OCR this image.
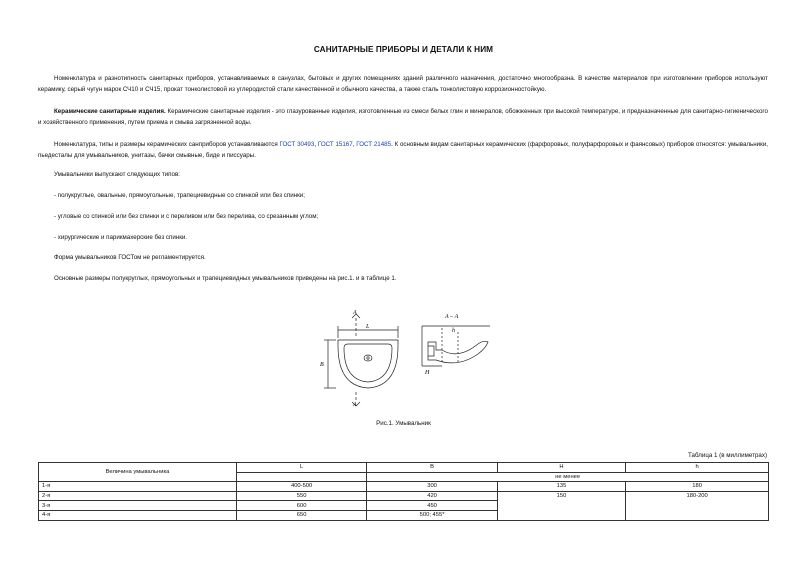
САНИТАРНЫЕ ПРИБОРЫ И ДЕТАЛИ К НИМ
Номенклатура и разнотипность санитарных приборов, устанавливаемых в санузлах, бытовых и других помещениях зданий различного назначения, достаточно многообразна. В качестве материалов при изготовлении приборов используют керамику, серый чугун марок СЧ10 и СЧ15, прокат тонколистовой из углеродистой стали качественной и обычного качества, а также сталь тонколистовую коррозионностойкую.
Керамические санитарные изделия. Керамические санитарные изделия - это глазурованные изделия, изготовленные из смеси белых глин и минералов, обожженных при высокой температуре, и предназначенные для санитарно-гигиенического и хозяйственного применения, путем приема и смыва загрязненной воды.
Номенклатура, типы и размеры керамических санприборов устанавливаются ГОСТ 30493, ГОСТ 15167, ГОСТ 21485. К основным видам санитарных керамических (фарфоровых, полуфарфоровых и фаянсовых) приборов относятся: умывальники, пьедесталы для умывальников, унитазы, бачки смывные, биде и писсуары.
Умывальники выпускают следующих типов:
- полукруглые, овальные, прямоугольные, трапециевидные со спинкой или без спинки;
- угловые со спинкой или без спинки и с переливом или без перелива, со срезанным углом;
- хирургические и парикмахерские без спинки.
Форма умывальников ГОСТом не регламентируется.
Основные размеры полукруглых, прямоугольных и трапециевидных умывальников приведены на рис.1. и в таблице 1.
А
А
L
B
А – А
h
H
Рис.1. Умывальник
Таблица 1 (в миллиметрах)
Величина умывальника	L	B	H	h
		не менее		
1-я	400-500	300	135	180
2-я	550	420	150	180-200
3-я	600	450		
4-я	650	500; 455*		
